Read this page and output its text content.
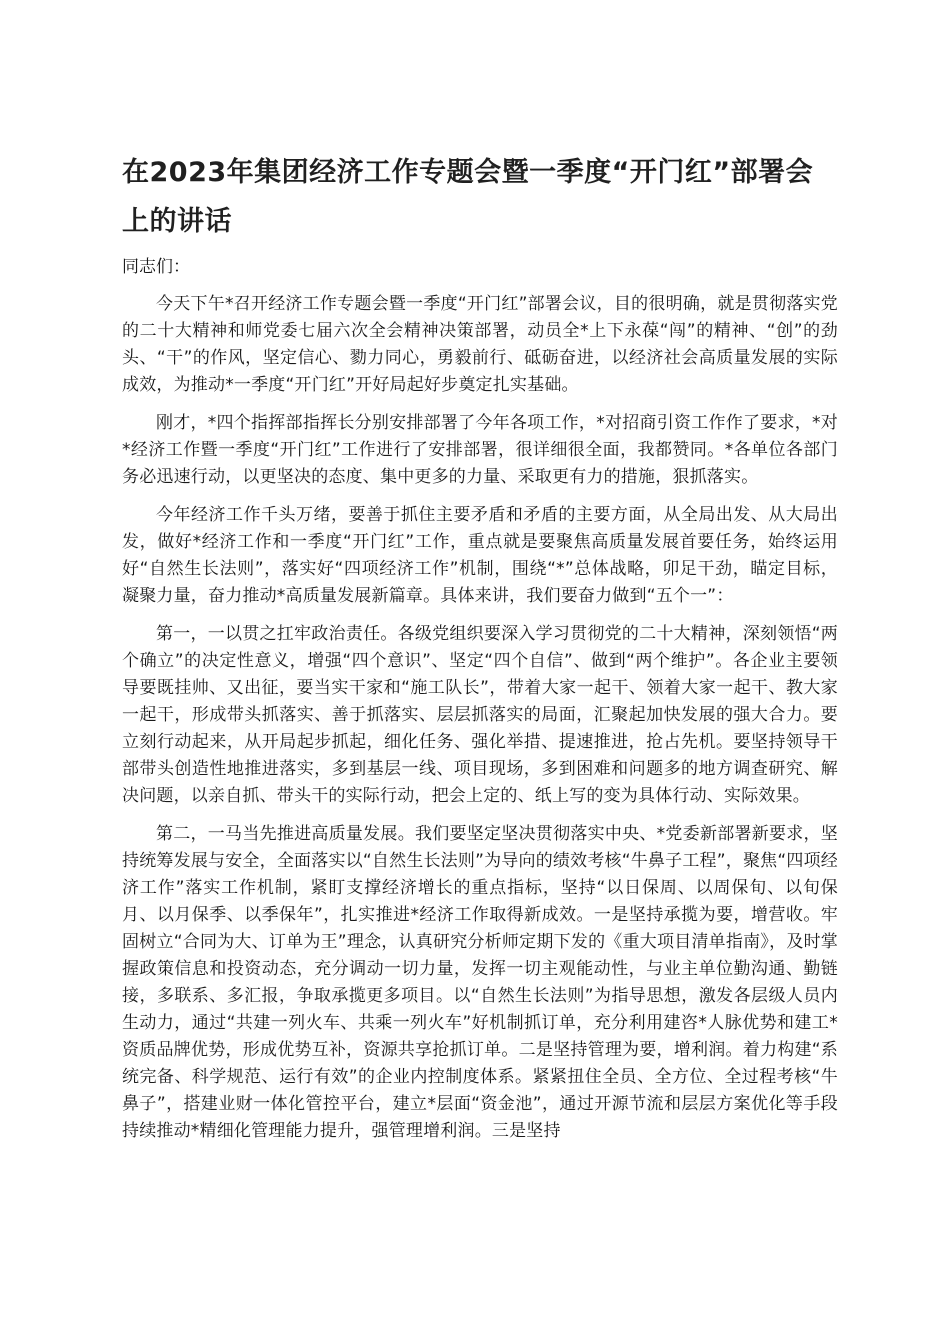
在2023年集团经济工作专题会暨一季度“开门红”部署会上的讲话

同志们：

今天下午*召开经济工作专题会暨一季度“开门红”部署会议，目的很明确，就是贯彻落实党的二十大精神和师党委七届六次全会精神决策部署，动员全*上下永葆“闯”的精神、“创”的劲头、“干”的作风，坚定信心、勠力同心，勇毅前行、砥砺奋进，以经济社会高质量发展的实际成效，为推动*一季度“开门红”开好局起好步奠定扎实基础。

刚才，*四个指挥部指挥长分别安排部署了今年各项工作，*对招商引资工作作了要求，*对*经济工作暨一季度“开门红”工作进行了安排部署，很详细很全面，我都赞同。*各单位各部门务必迅速行动，以更坚决的态度、集中更多的力量、采取更有力的措施，狠抓落实。

今年经济工作千头万绪，要善于抓住主要矛盾和矛盾的主要方面，从全局出发、从大局出发，做好*经济工作和一季度“开门红”工作，重点就是要聚焦高质量发展首要任务，始终运用好“自然生长法则”，落实好“四项经济工作”机制，围绕“*”总体战略，卯足干劲，瞄定目标，凝聚力量，奋力推动*高质量发展新篇章。具体来讲，我们要奋力做到“五个一”：

第一，一以贯之扛牢政治责任。各级党组织要深入学习贯彻党的二十大精神，深刻领悟“两个确立”的决定性意义，增强“四个意识”、坚定“四个自信”、做到“两个维护”。各企业主要领导要既挂帅、又出征，要当实干家和“施工队长”，带着大家一起干、领着大家一起干、教大家一起干，形成带头抓落实、善于抓落实、层层抓落实的局面，汇聚起加快发展的强大合力。要立刻行动起来，从开局起步抓起，细化任务、强化举措、提速推进，抢占先机。要坚持领导干部带头创造性地推进落实，多到基层一线、项目现场，多到困难和问题多的地方调查研究、解决问题，以亲自抓、带头干的实际行动，把会上定的、纸上写的变为具体行动、实际效果。

第二，一马当先推进高质量发展。我们要坚定坚决贯彻落实中央、*党委新部署新要求，坚持统筹发展与安全，全面落实以“自然生长法则”为导向的绩效考核“牛鼻子工程”，聚焦“四项经济工作”落实工作机制，紧盯支撑经济增长的重点指标，坚持“以日保周、以周保旬、以旬保月、以月保季、以季保年”，扎实推进*经济工作取得新成效。一是坚持承揽为要，增营收。牢固树立“合同为大、订单为王”理念，认真研究分析师定期下发的《重大项目清单指南》，及时掌握政策信息和投资动态，充分调动一切力量，发挥一切主观能动性，与业主单位勤沟通、勤链接，多联系、多汇报，争取承揽更多项目。以“自然生长法则”为指导思想，激发各层级人员内生动力，通过“共建一列火车、共乘一列火车”好机制抓订单，充分利用建咨*人脉优势和建工*资质品牌优势，形成优势互补，资源共享抢抓订单。二是坚持管理为要，增利润。着力构建“系统完备、科学规范、运行有效”的企业内控制度体系。紧紧扭住全员、全方位、全过程考核“牛鼻子”，搭建业财一体化管控平台，建立*层面“资金池”，通过开源节流和层层方案优化等手段持续推动*精细化管理能力提升，强管理增利润。三是坚持
